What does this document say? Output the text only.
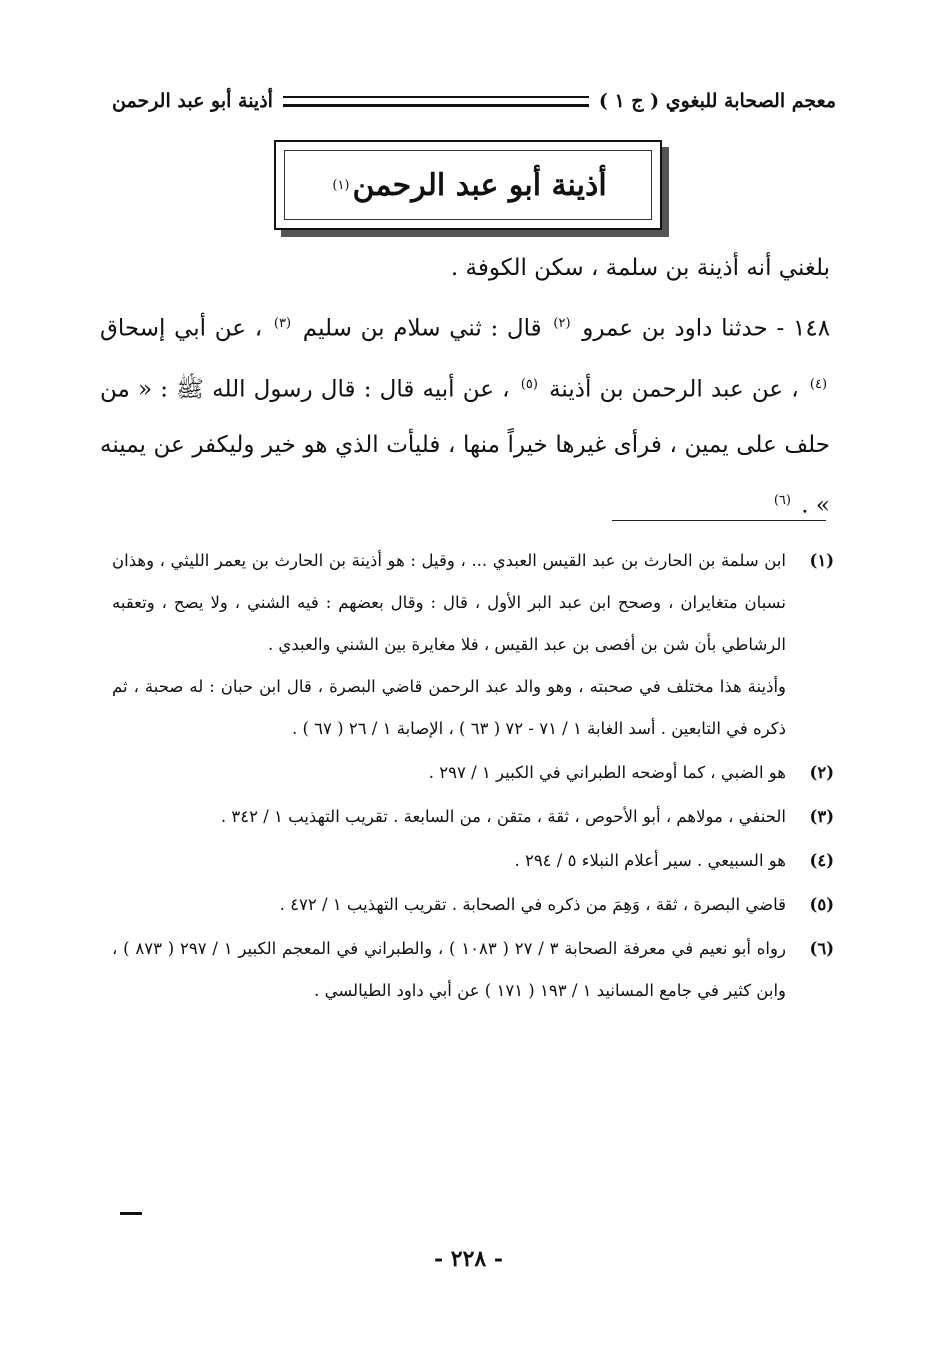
معجم الصحابة للبغوي ( ج ١ )
أذينة أبو عبد الرحمن
أذينة أبو عبد الرحمن
(١)

بلغني أنه أذينة بن سلمة ، سكن الكوفة .

١٤٨ - حدثنا داود بن عمرو $^{(٢)}$ قال : ثني سلام بن سليم $^{(٣)}$ ، عن أبي إسحاق $^{(٤)}$ ، عن عبد الرحمن بن أذينة $^{(٥)}$ ، عن أبيه قال : قال رسول الله ﷺ : « من حلف على يمين ، فرأى غيرها خيراً منها ، فليأت الذي هو خير وليكفر عن يمينه » . $^{(٦)}$

(١)

ابن سلمة بن الحارث بن عبد القيس العبدي ... ، وقيل : هو أذينة بن الحارث بن يعمر الليثي ، وهذان نسبان متغايران ، وصحح ابن عبد البر الأول ، قال : وقال بعضهم : فيه الشني ، ولا يصح ، وتعقبه الرشاطي بأن شن بن أفصى بن عبد القيس ، فلا مغايرة بين الشني والعبدي .

وأذينة هذا مختلف في صحبته ، وهو والد عبد الرحمن قاضي البصرة ، قال ابن حبان : له صحبة ، ثم ذكره في التابعين . أسد الغابة ١ / ٧١ - ٧٢ ( ٦٣ ) ، الإصابة ١ / ٢٦ ( ٦٧ ) .

(٢)

هو الضبي ، كما أوضحه الطبراني في الكبير ١ / ٢٩٧ .

(٣)

الحنفي ، مولاهم ، أبو الأحوص ، ثقة ، متقن ، من السابعة . تقريب التهذيب ١ / ٣٤٢ .

(٤)

هو السبيعي . سير أعلام النبلاء ٥ / ٢٩٤ .

(٥)

قاضي البصرة ، ثقة ، وَهِمَ من ذكره في الصحابة . تقريب التهذيب ١ / ٤٧٢ .

(٦)

رواه أبو نعيم في معرفة الصحابة ٣ / ٢٧ ( ١٠٨٣ ) ، والطبراني في المعجم الكبير ١ / ٢٩٧ ( ٨٧٣ ) ، وابن كثير في جامع المسانيد ١ / ١٩٣ ( ١٧١ ) عن أبي داود الطيالسي .

- ٢٢٨ -
